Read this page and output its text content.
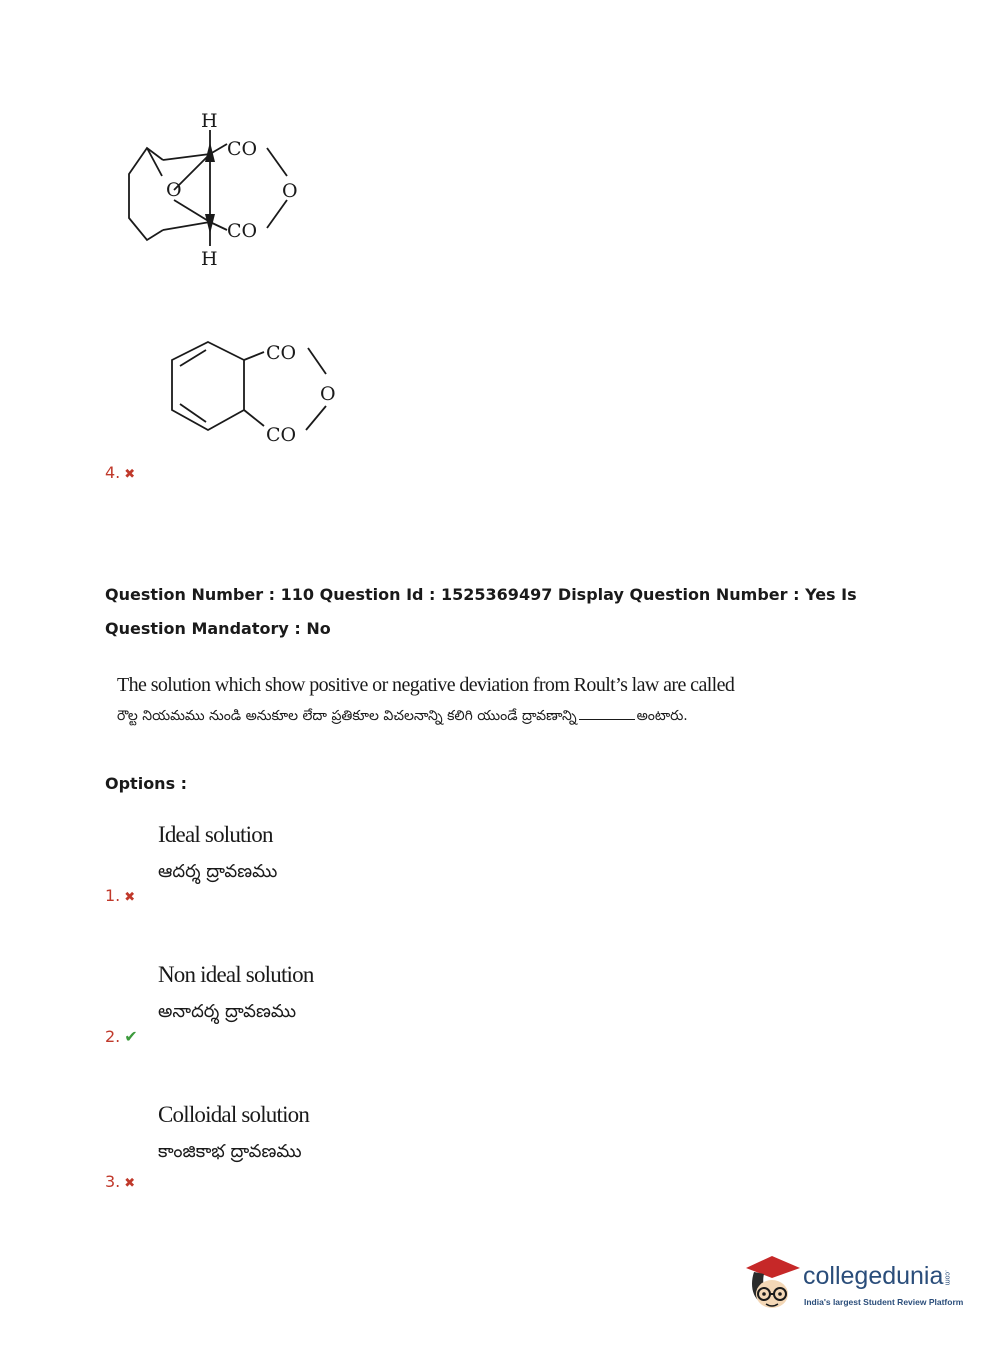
H
CO
O	O
CO
H
CO
O
CO
4. ✖
Question Number : 110 Question Id : 1525369497 Display Question Number : Yes Is Question Mandatory : No
The solution which show positive or negative deviation from Roult’s law are called
రౌల్ట నియమము నుండి అనుకూల లేదా ప్రతికూల విచలనాన్ని కలిగి యుండే ద్రావణాన్ని	అంటారు.
Options :
Ideal solution
ఆదర్శ ద్రావణము
1. ✖
Non ideal solution
అనాదర్శ ద్రావణము
2. ✔
Colloidal solution
కాంజికాభ ద్రావణము
3. ✖
collegedunia.com
India's largest Student Review Platform
